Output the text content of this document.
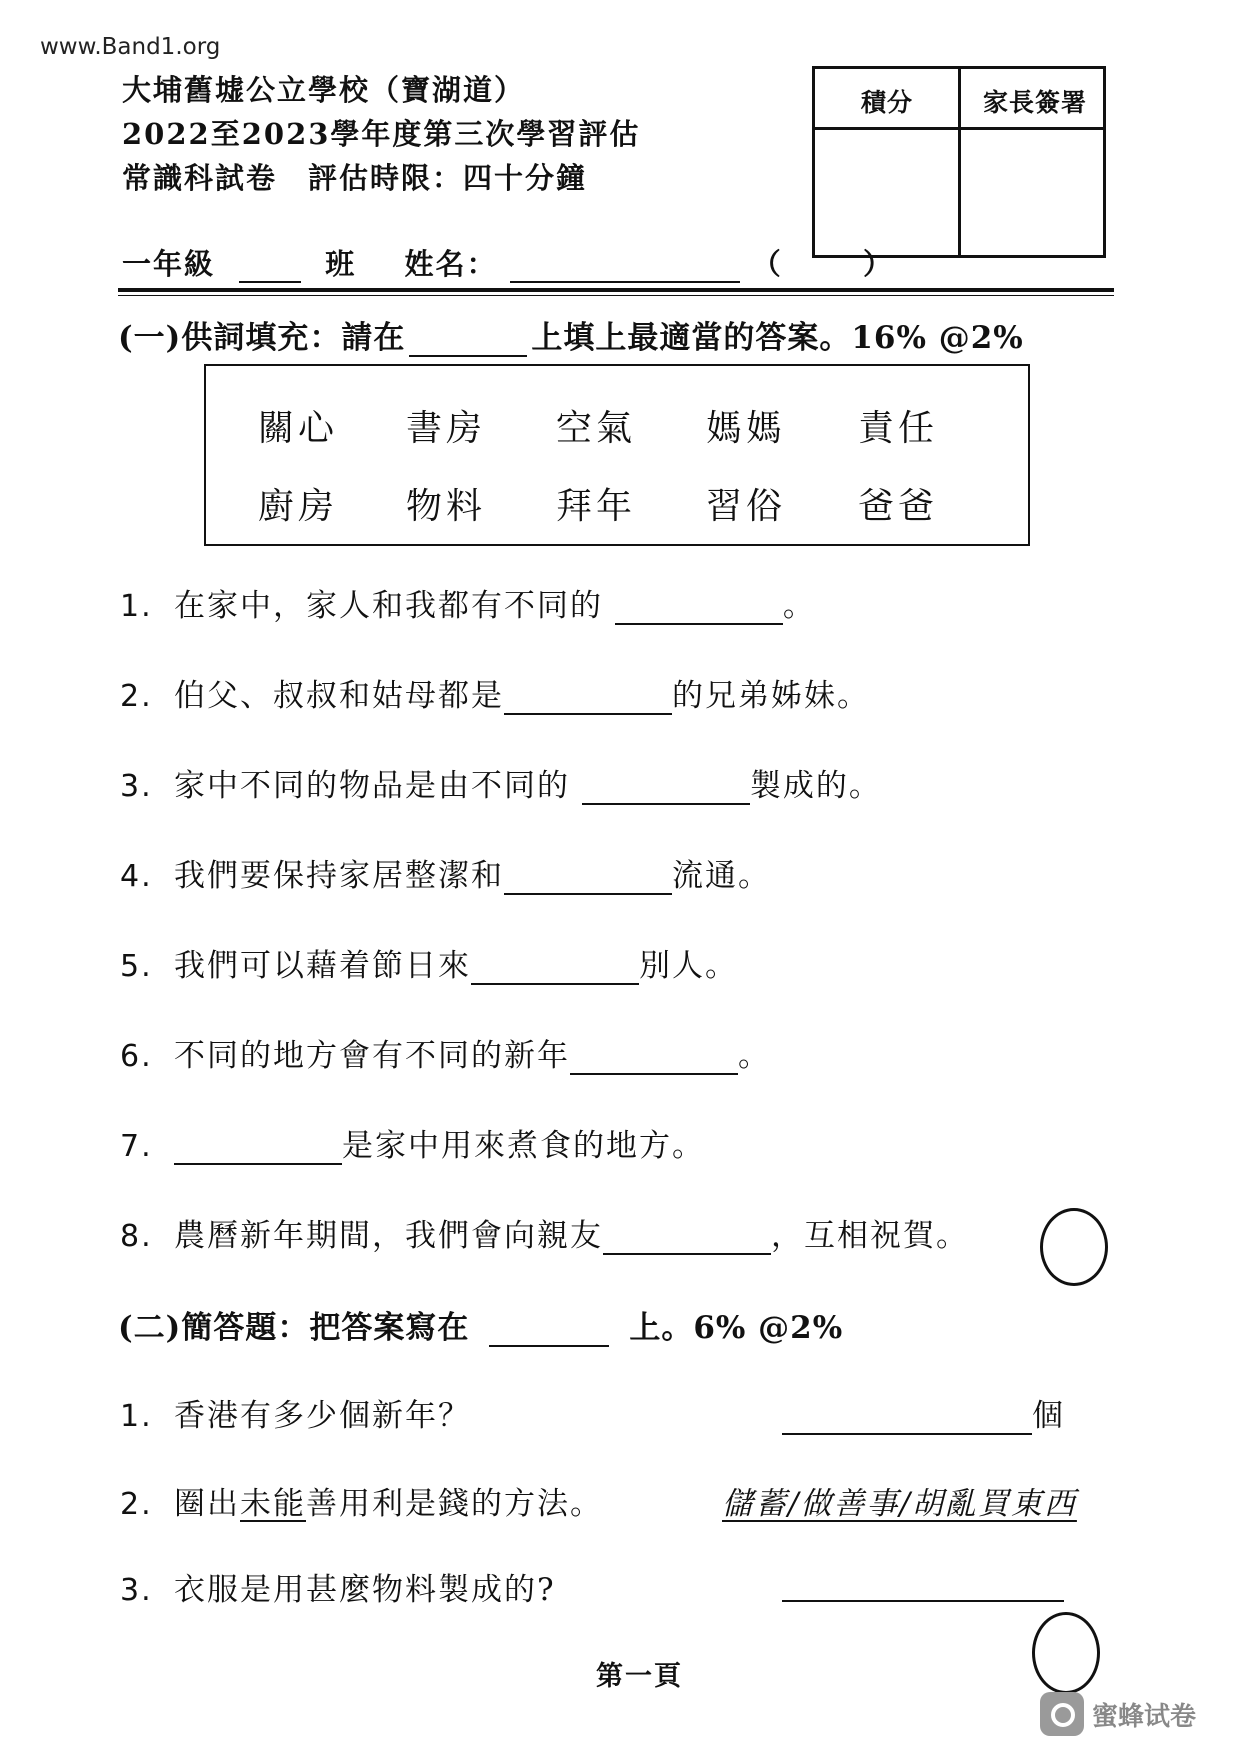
www.Band1.org
大埔舊墟公立學校（寶湖道）
2022至2023學年度第三次學習評估
常識科試卷　評估時限：四十分鐘
積分	家長簽署
一年級	班 姓名：	（	）
(一)供詞填充：請在	上填上最適當的答案。16% @2%
關心 書房 空氣 媽媽 責任
廚房 物料 拜年 習俗 爸爸
1. 在家中，家人和我都有不同的	。
2. 伯父、叔叔和姑母都是	的兄弟姊妹。
3. 家中不同的物品是由不同的	製成的。
4. 我們要保持家居整潔和	流通。
5. 我們可以藉着節日來	別人。
6. 不同的地方會有不同的新年	。
7.	是家中用來煮食的地方。
8. 農曆新年期間，我們會向親友	，互相祝賀。
(二)簡答題：把答案寫在	上。6% @2%
1. 香港有多少個新年？	個
2. 圈出未能善用利是錢的方法。	儲蓄/做善事/胡亂買東西
3. 衣服是用甚麼物料製成的?
第一頁
蜜蜂试卷
